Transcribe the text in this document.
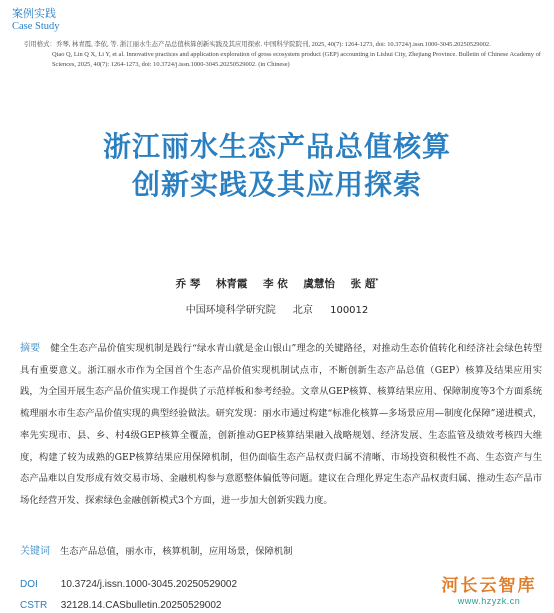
案例实践
Case Study

引用格式：乔琴, 林青霞, 李依, 等. 浙江丽水生态产品总值核算创新实践及其应用探索. 中国科学院院刊, 2025, 40(7): 1264-1273, doi: 10.3724/j.issn.1000-3045.20250529002.

Qiao Q, Lin Q X, Li Y, et al. Innovative practices and application exploration of gross ecosystem product (GEP) accounting in Lishui City, Zhejiang Province. Bulletin of Chinese Academy of Sciences, 2025, 40(7): 1264-1273, doi: 10.3724/j.issn.1000-3045.20250529002. (in Chinese)

浙江丽水生态产品总值核算
创新实践及其应用探索
乔 琴 林青霞 李 依 虞慧怡 张 超*
中国环境科学研究院 北京 100012
摘要 健全生态产品价值实现机制是践行“绿水青山就是金山银山”理念的关键路径，对推动生态价值转化和经济社会绿色转型具有重要意义。浙江丽水市作为全国首个生态产品价值实现机制试点市，不断创新生态产品总值（GEP）核算及结果应用实践，为全国开展生态产品价值实现工作提供了示范样板和参考经验。文章从GEP核算、核算结果应用、保障制度等3个方面系统梳理丽水市生态产品价值实现的典型经验做法。研究发现：丽水市通过构建“标准化核算—多场景应用—制度化保障”递进模式，率先实现市、县、乡、村4级GEP核算全覆盖，创新推动GEP核算结果融入战略规划、经济发展、生态监管及绩效考核四大维度，构建了较为成熟的GEP核算结果应用保障机制，但仍面临生态产品权责归属不清晰、市场投资积极性不高、生态资产与生态产品难以自发形成有效交易市场、金融机构参与意愿整体偏低等问题。建议在合理化界定生态产品权责归属、推动生态产品市场化经营开发、探索绿色金融创新模式3个方面，进一步加大创新实践力度。
关键词 生态产品总值，丽水市，核算机制，应用场景，保障机制
DOI 10.3724/j.issn.1000-3045.20250529002
CSTR 32128.14.CASbulletin.20250529002
河长云智库
www.hzyzk.cn
